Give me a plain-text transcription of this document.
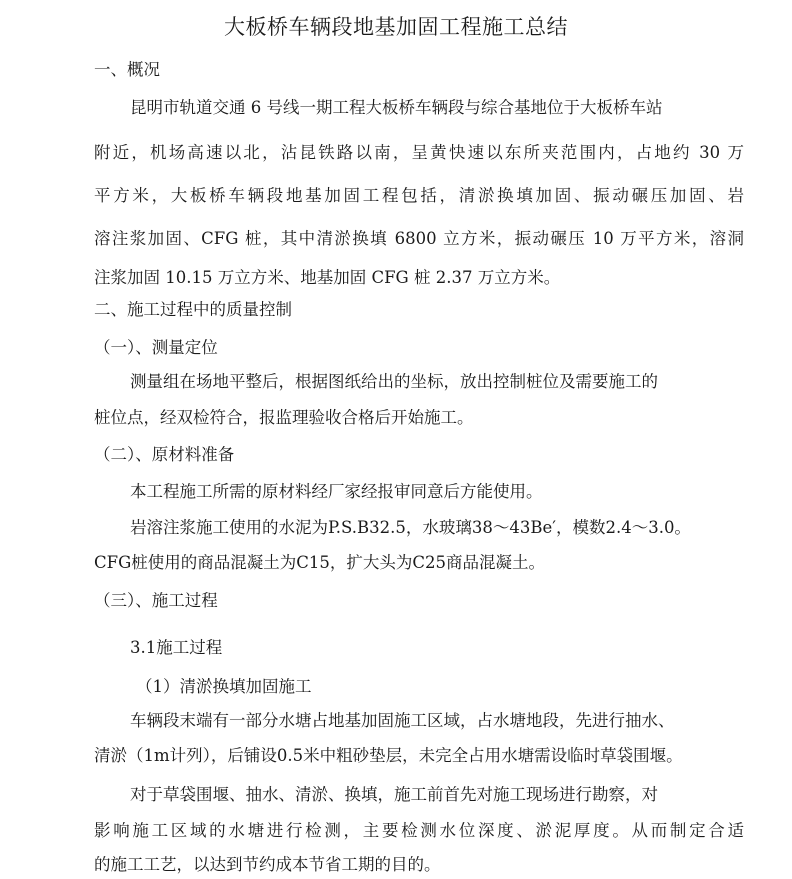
大板桥车辆段地基加固工程施工总结
一、概况
昆明市轨道交通 6 号线一期工程大板桥车辆段与综合基地位于大板桥车站
附近，机场高速以北，沾昆铁路以南，呈黄快速以东所夹范围内，占地约 30 万
平方米，大板桥车辆段地基加固工程包括，清淤换填加固、振动碾压加固、岩
溶注浆加固、CFG 桩，其中清淤换填 6800 立方米，振动碾压 10 万平方米，溶洞
注浆加固 10.15 万立方米、地基加固 CFG 桩 2.37 万立方米。
二、施工过程中的质量控制
（一）、测量定位
测量组在场地平整后，根据图纸给出的坐标，放出控制桩位及需要施工的
桩位点，经双检符合，报监理验收合格后开始施工。
（二）、原材料准备
本工程施工所需的原材料经厂家经报审同意后方能使用。
岩溶注浆施工使用的水泥为P.S.B32.5，水玻璃38～43Be′，模数2.4～3.0。
CFG桩使用的商品混凝土为C15，扩大头为C25商品混凝土。
（三）、施工过程
3.1施工过程
（1）清淤换填加固施工
车辆段末端有一部分水塘占地基加固施工区域，占水塘地段，先进行抽水、
清淤（1m计列），后铺设0.5米中粗砂垫层，未完全占用水塘需设临时草袋围堰。
对于草袋围堰、抽水、清淤、换填，施工前首先对施工现场进行勘察，对
影响施工区域的水塘进行检测，主要检测水位深度、淤泥厚度。从而制定合适
的施工工艺，以达到节约成本节省工期的目的。
